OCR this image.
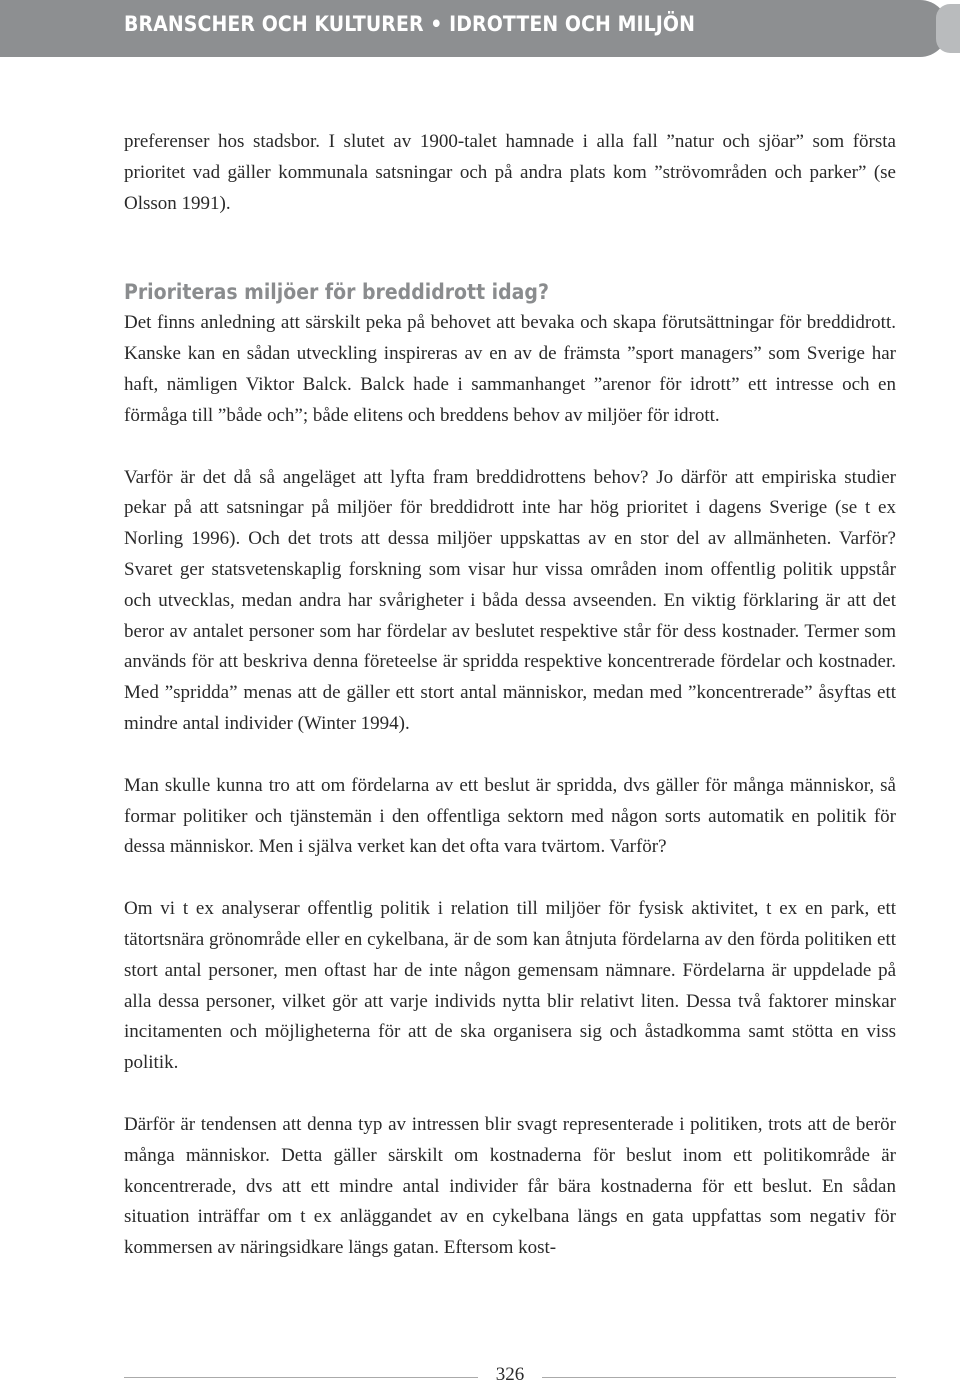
BRANSCHER OCH KULTURER • IDROTTEN OCH MILJÖN

preferenser hos stadsbor. I slutet av 1900-talet hamnade i alla fall ”natur och sjöar” som första prioritet vad gäller kommunala satsningar och på andra plats kom ”strövområden och parker” (se Olsson 1991).

Prioriteras miljöer för breddidrott idag?

Det finns anledning att särskilt peka på behovet att bevaka och skapa förutsättningar för breddidrott. Kanske kan en sådan utveckling inspireras av en av de främsta ”sport managers” som Sverige har haft, nämligen Viktor Balck. Balck hade i sammanhanget ”arenor för idrott” ett intresse och en förmåga till ”både och”; både elitens och breddens behov av miljöer för idrott.

Varför är det då så angeläget att lyfta fram breddidrottens behov? Jo därför att empiriska studier pekar på att satsningar på miljöer för breddidrott inte har hög prioritet i dagens Sverige (se t ex Norling 1996). Och det trots att dessa miljöer uppskattas av en stor del av allmänheten. Varför? Svaret ger statsvetenskaplig forskning som visar hur vissa områden inom offentlig politik uppstår och utvecklas, medan andra har svårigheter i båda dessa avseenden. En viktig förklaring är att det beror av antalet personer som har fördelar av beslutet respektive står för dess kostnader. Termer som används för att beskriva denna företeelse är spridda respektive koncentrerade fördelar och kostnader. Med ”spridda” menas att de gäller ett stort antal människor, medan med ”koncentrerade” åsyftas ett mindre antal individer (Winter 1994).

Man skulle kunna tro att om fördelarna av ett beslut är spridda, dvs gäller för många människor, så formar politiker och tjänstemän i den offentliga sektorn med någon sorts automatik en politik för dessa människor. Men i själva verket kan det ofta vara tvärtom. Varför?

Om vi t ex analyserar offentlig politik i relation till miljöer för fysisk aktivitet, t ex en park, ett tätortsnära grönområde eller en cykelbana, är de som kan åtnjuta fördelarna av den förda politiken ett stort antal personer, men oftast har de inte någon gemensam nämnare. Fördelarna är uppdelade på alla dessa personer, vilket gör att varje individs nytta blir relativt liten. Dessa två faktorer minskar incitamenten och möjligheterna för att de ska organisera sig och åstadkomma samt stötta en viss politik.

Därför är tendensen att denna typ av intressen blir svagt representerade i politiken, trots att de berör många människor. Detta gäller särskilt om kostnaderna för beslut inom ett politikområde är koncentrerade, dvs att ett mindre antal individer får bära kostnaderna för ett beslut. En sådan situation inträffar om t ex anläggandet av en cykelbana längs en gata uppfattas som negativ för kommersen av näringsidkare längs gatan. Eftersom kost-

326
